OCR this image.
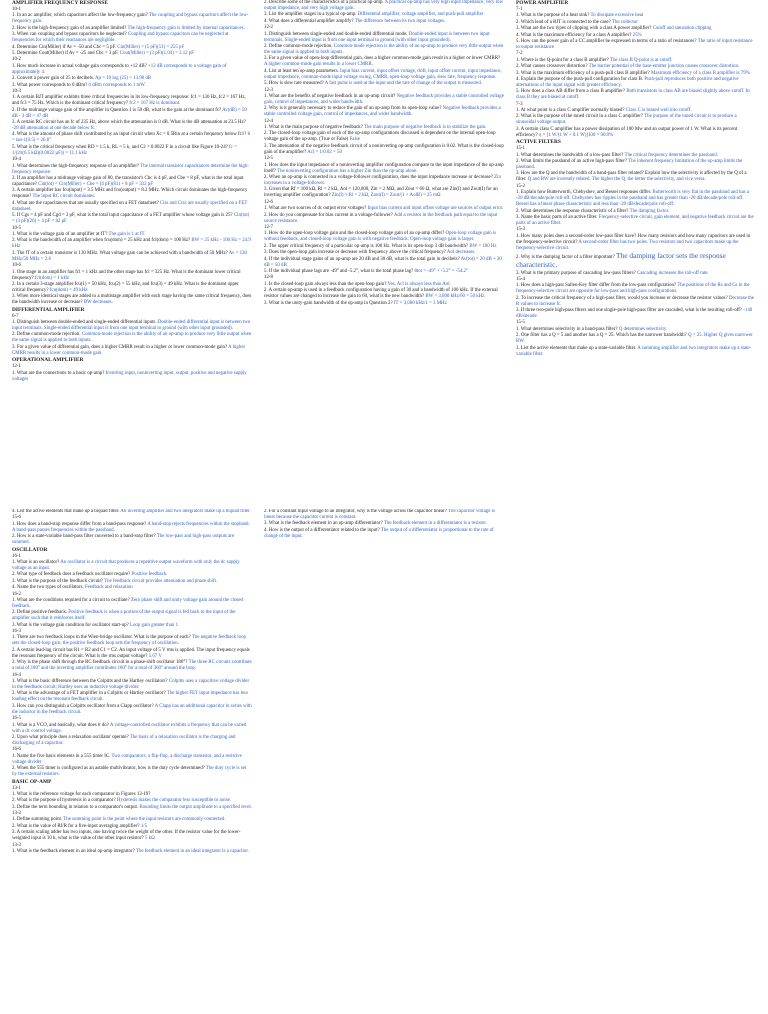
AMPLIFIER FREQUENCY RESPONSE

10-1

1. In an ac amplifier, which capacitors affect the low-frequency gain? The coupling and bypass capacitors affect the low-frequency gain.

2. How is the high-frequency gain of an amplifier limited? The high-frequency gain is limited by internal capacitances.

3. When can coupling and bypass capacitors be neglected? Coupling and bypass capacitors can be neglected at frequencies for which their reactances are negligible.

4. Determine Cin(Miller) if Av = -50 and Cbc = 5 pF. Cin(Miller) = (5 pF)(51) = 255 pF

5. Determine Cout(Miller) if Av = -25 and Cbc = 3 pF. Cout(Miller) = (3 pF)(1.04) = 3.12 pF

10-2

1. How much increase in actual voltage gain corresponds to +12 dB? +12 dB corresponds to a voltage gain of approximately 4.

2. Convert a power gain of 25 to decibels. Ap = 10 log (25) = 13.98 dB

3. What power corresponds to 0 dBm? 0 dBm corresponds to 1 mW.

10-3

1. A certain BJT amplifier exhibits three critical frequencies in its low-frequency response: fc1 = 130 Hz, fc2 = 167 Hz, and fc3 = 75 Hz. Which is the dominant critical frequency? fc2 = 167 Hz is dominant.

2. If the midrange voltage gain of the amplifier in Question 1 is 50 dB, what is the gain at the dominant fc? Av(dB) = 50 dB - 3 dB = 47 dB

3. A certain RC circuit has an fc of 235 Hz, above which the attenuation is 0 dB. What is the dB attenuation at 23.5 Hz? -20 dB attenuation at one decade below fc.

4. What is the amount of phase shift contributed by an input circuit when Xc = 0.5Rin at a certain frequency below fc1? θ = tan-1(0.5) = 26.6°

5. What is the critical frequency when RD = 1.5 k, RL = 5 k, and C2 = 0.0022 F in a circuit like Figure 10-24? fc = 1/(2π(6.5 kΩ)(0.0022 µF)) = 11.1 kHz

10-4

1. What determines the high-frequency response of an amplifier? The internal transistor capacitances determine the high-frequency response.

2. If an amplifier has a midrange voltage gain of 80, the transistor's Cbc is 4 pF, and Cbe = 8 pF, what is the total input capacitance? Cin(tot) = Cin(Miller) + Cbe = (4 pF)(81) + 8 pF = 332 pF

3. A certain amplifier has fcu(input) = 3.5 MHz and fcu(output) = 8.2 MHz. Which circuit dominates the high-frequency response? The input RC circuit dominates.

4. What are the capacitances that are usually specified on a FET datasheet? Ciss and Crss are usually specified on a FET datasheet.

5. If Cgs = 4 pF and Cgd = 3 pF, what is the total input capacitance of a FET amplifier whose voltage gain is 25? Cin(tot) = (3 pF)(26) + 4 pF = 82 pF

10-5

1. What is the voltage gain of an amplifier at fT? The gain is 1 at fT.

2. What is the bandwidth of an amplifier when fcu(dom) = 25 kHz and fcl(dom) = 100 Hz? BW = 25 kHz - 100 Hz = 24.9 kHz

3. The fT of a certain transistor is 130 MHz. What voltage gain can be achieved with a bandwidth of 50 MHz? Av = 130 MHz/50 MHz = 2.6

10-6

1. One stage in an amplifier has fcl = 1 kHz and the other stage has fcl = 325 Hz. What is the dominant lower critical frequency? fcl(dom) = 1 kHz

2. In a certain 3-stage amplifier fcu(1) = 50 kHz, fcu(2) = 55 kHz, and fcu(3) = 49 kHz. What is the dominant upper critical frequency? fcu(dom) = 49 kHz

3. When more identical stages are added to a multistage amplifier with each stage having the same critical frequency, does the bandwidth increase or decrease? BW decreases.

DIFFERENTIAL AMPLIFIER

6-7

1. Distinguish between double-ended and single-ended differential inputs. Double-ended differential input is between two input terminals. Single-ended differential input is from one input terminal to ground (with other input grounded).

2. Define common-mode rejection. Common-mode rejection is the ability of an op-amp to produce very little output when the same signal is applied to both inputs.

3. For a given value of differential gain, does a higher CMRR result in a higher or lower common-mode gain? A higher CMRR results in a lower common-mode gain.

OPERATIONAL AMPLIFIER

12-1

1. What are the connections to a basic op-amp? Inverting input, noninverting input, output, positive and negative supply voltages

2. Describe some of the characteristics of a practical op-amp. A practical op-amp has very high input impedance, very low output impedance, and very high voltage gain.

3. List the amplifier stages in a typical op-amp. Differential amplifier, voltage amplifier, and push-pull amplifier

4. What does a differential amplifier amplify? The difference between its two input voltages.

12-2

1. Distinguish between single-ended and double-ended differential mode. Double-ended input is between two input terminals. Single-ended input is from one input terminal to ground (with other input grounded).

2. Define common-mode rejection. Common-mode rejection is the ability of an op-amp to produce very little output when the same signal is applied to both inputs.

3. For a given value of open-loop differential gain, does a higher common-mode gain result in a higher or lower CMRR? A higher common-mode gain results in a lower CMRR.

4. List at least ten op-amp parameters. Input bias current, input offset voltage, drift, input offset current, input impedance, output impedance, common-mode input voltage swing, CMRR, open-loop voltage gain, slew rate, frequency response.

5. How is slew rate measured? A fast pulse is used at the input and the rate of change of the output is measured.

12-3

1. What are the benefits of negative feedback in an op-amp circuit? Negative feedback provides a stable controlled voltage gain, control of impedances, and wider bandwidth.

2. Why is it generally necessary to reduce the gain of an op-amp from its open-loop value? Negative feedback provides a stable controlled voltage gain, control of impedances, and wider bandwidth.

12-4

1. What is the main purpose of negative feedback? The main purpose of negative feedback is to stabilize the gain.

2. The closed-loop voltage gain of each of the op-amp configurations discussed is dependent on the internal open-loop voltage gain of the op-amp. (True or False) False

3. The attenuation of the negative feedback circuit of a noninverting op-amp configuration is 0.02. What is the closed-loop gain of the amplifier? Acl = 1/0.02 = 50

12-5

1. How does the input impedance of a noninverting amplifier configuration compare to the input impedance of the op-amp itself? The noninverting configuration has a higher Zin than the op-amp alone.

2. When an op-amp is connected in a voltage-follower configuration, does the input impedance increase or decrease? Zin increases in a voltage-follower.

3. Given that Rf = 100 kΩ, Ri = 2 kΩ, Aol = 120,000, Zin = 2 MΩ, and Zout = 60 Ω, what are Zin(I) and Zout(I) for an inverting amplifier configuration? Zin(I) ≈ Ri = 2 kΩ, Zout(I) = Zout/(1 + AolB) = 25 mΩ

12-6

1. What are two sources of dc output error voltages? Input bias current and input offset voltage are sources of output error.

2. How do you compensate for bias current in a voltage-follower? Add a resistor in the feedback path equal to the input source resistance.

12-7

1. How do the open-loop voltage gain and the closed-loop voltage gain of an op-amp differ? Open-loop voltage gain is without feedback, and closed-loop voltage gain is with negative feedback. Open-loop voltage gain is larger.

2. The upper critical frequency of a particular op-amp is 100 Hz. What is its open-loop 3 dB bandwidth? BW = 100 Hz

3. Does the open-loop gain increase or decrease with frequency above the critical frequency? Aol decreases.

4. If the individual stage gains of an op-amp are 20 dB and 30 dB, what is the total gain in decibels? Av(tot) = 20 dB + 30 dB = 50 dB

5. If the individual phase lags are -49° and -5.2°, what is the total phase lag? θtot = -49° + -5.2° = -54.2°

12-8

1. Is the closed-loop gain always less than the open-loop gain? Yes, Acl is always less than Aol.

2. A certain op-amp is used in a feedback configuration having a gain of 30 and a bandwidth of 100 kHz. If the external resistor values are changed to increase the gain to 60, what is the new bandwidth? BW = 3,000 kHz/60 = 50 kHz

3. What is the unity-gain bandwidth of the op-amp in Question 2? fT = 3,000 kHz/1 = 3 MHz

POWER AMPLIFIER

7-1

1. What is the purpose of a heat sink? To dissipate excessive heat

2. Which lead of a BJT is connected to the case? The collector

3. What are the two types of clipping with a class A power amplifier? Cutoff and saturation clipping

4. What is the maximum efficiency for a class A amplifier? 25%

5. How can the power gain of a CC amplifier be expressed in terms of a ratio of resistances? The ratio of input resistance to output resistance

7-2

1. Where is the Q-point for a class B amplifier? The class B Q-point is at cutoff.

2. What causes crossover distortion? The barrier potential of the base-emitter junction causes crossover distortion.

3. What is the maximum efficiency of a push-pull class B amplifier? Maximum efficiency of a class B amplifier is 79%.

4. Explain the purpose of the push-pull configuration for class B. Push-pull reproduces both positive and negative alternations of the input signal with greater efficiency.

5. How does a class AB differ from a class B amplifier? Both transistors in class AB are biased slightly above cutoff. In class B they are biased at cutoff.

7-3

1. At what point is a class C amplifier normally biased? Class C is biased well into cutoff.

2. What is the purpose of the tuned circuit in a class C amplifier? The purpose of the tuned circuit is to produce a sinusoidal voltage output.

3. A certain class C amplifier has a power dissipation of 100 Mw and an output power of 1 W. What is its percent efficiency? η = [1 W/(1 W + 0.1 W)]100 = 90.9%

ACTIVE FILTERS

15-1

1. What determines the bandwidth of a low-pass filter? The critical frequency determines the passband.

2. What limits the passband of an active high-pass filter? The inherent frequency limitation of the op-amp limits the passband.

3. How are the Q and the bandwidth of a band-pass filter related? Explain how the selectivity is affected by the Q of a filter. Q and BW are inversely related. The higher the Q, the better the selectivity, and vice versa.

15-2

1. Explain how Butterworth, Chebyshev, and Bessel responses differ. Butterworth is very flat in the passband and has a -20 dB/decade/pole roll-off. Chebyshev has ripples in the passband and has greater than -20 dB/decade/pole roll-off. Bessel has a linear phase characteristic and less than -20 dB/decade/pole roll-off.

2. What determines the response characteristic of a filter? The damping factor.

3. Name the basic parts of an active filter. Frequency-selective circuit, gain element, and negative feedback circuit are the parts of an active filter.

15-3

1. How many poles does a second-order low-pass filter have? How many resistors and how many capacitors are used in the frequency-selective circuit? A second-order filter has two poles. Two resistors and two capacitors make up the frequency-selective circuit.

2. Why is the damping factor of a filter important? The damping factor sets the response characteristic.

3. What is the primary purpose of cascading low-pass filters? Cascading increases the roll-off rate.

15-4

1. How does a high-pass Sallen-Key filter differ from the low-pass configuration? The positions of the Rs and Cs in the frequency-selective circuit are opposite for low-pass and high-pass configurations.

2. To increase the critical frequency of a high-pass filter, would you increase or decrease the resistor values? Decrease the R values to increase fc.

3. If three two-pole high-pass filters and one single-pole high-pass filter are cascaded, what is the resulting roll-off? -140 dB/decade

15-5

1. What determines selectivity in a band-pass filter? Q determines selectivity.

2. One filter has a Q = 5 and another has a Q = 25. Which has the narrower bandwidth? Q = 25. Higher Q gives narrower BW.

3. List the active elements that make up a state-variable filter. A summing amplifier and two integrators make up a state-variable filter.

4. List the active elements that make up a biquad filter. An inverting amplifier and two integrators make up a biquad filter.

15-6

1. How does a band-stop response differ from a band-pass response? A band-stop rejects frequencies within the stopband. A band-pass passes frequencies within the passband.

2. How is a state-variable band-pass filter converted to a band-stop filter? The low-pass and high-pass outputs are summed.

OSCILLATOR

16-1

1. What is an oscillator? An oscillator is a circuit that produces a repetitive output waveform with only the dc supply voltage as an input.

2. What type of feedback does a feedback oscillator require? Positive feedback.

3. What is the purpose of the feedback circuit? The feedback circuit provides attenuation and phase shift.

4. Name the two types of oscillators. Feedback and relaxation

16-2

1. What are the conditions required for a circuit to oscillate? Zero phase shift and unity voltage gain around the closed feedback.

2. Define positive feedback. Positive feedback is when a portion of the output signal is fed back to the input of the amplifier such that it reinforces itself.

3. What is the voltage gain condition for oscillator start-up? Loop gain greater than 1

16-3

1. There are two feedback loops in the Wien-bridge oscillator. What is the purpose of each? The negative feedback loop sets the closed-loop gain; the positive feedback loop sets the frequency of oscillation.

2. A certain lead-lag circuit has R1 = R2 and C1 = C2. An input voltage of 5 V rms is applied. The input frequency equals the resonant frequency of the circuit. What is the rms output voltage? 1.67 V

3. Why is the phase shift through the RC feedback circuit in a phase-shift oscillator 180°? The three RC circuits contribute a total of 180° and the inverting amplifier contributes 180° for a total of 360° around the loop.

16-4

1. What is the basic difference between the Colpitts and the Hartley oscillators? Colpitts uses a capacitive voltage divider in the feedback circuit; Hartley uses an inductive voltage divider.

2. What is the advantage of a FET amplifier in a Colpitts or Hartley oscillator? The higher FET input impedance has less loading effect on the resonant feedback circuit.

3. How can you distinguish a Colpitts oscillator from a Clapp oscillator? A Clapp has an additional capacitor in series with the inductor in the feedback circuit.

16-5

1. What is a VCO, and basically, what does it do? A voltage-controlled oscillator exhibits a frequency that can be varied with a dc control voltage.

2. Upon what principle does a relaxation oscillator operate? The basis of a relaxation oscillator is the charging and discharging of a capacitor.

16-6

1. Name the five basic elements in a 555 timer IC. Two comparators, a flip-flop, a discharge transistor, and a resistive voltage divider

2. When the 555 timer is configured as an astable multivibrator, how is the duty cycle determined? The duty cycle is set by the external resistors.

BASIC OP-AMP

13-1

1. What is the reference voltage for each comparator in Figures 13-19?

2. What is the purpose of hysteresis in a comparator? Hysteresis makes the comparator less susceptible to noise.

3. Define the term bounding in relation to a comparator's output. Bounding limits the output amplitude to a specified level.

13-2

1. Define summing point. The summing point is the point where the input resistors are commonly connected.

2. What is the value of Rf/R for a five-input averaging amplifier? 1/5

3. A certain scaling adder has two inputs, one having twice the weight of the other. If the resistor value for the lower-weighted input is 10 k, what is the value of the other input resistor? 5 kΩ

13-3

1. What is the feedback element in an ideal op-amp integrator? The feedback element in an ideal integrator is a capacitor.

2. For a constant input voltage to an integrator, why is the voltage across the capacitor linear? The capacitor voltage is linear because the capacitor current is constant.

3. What is the feedback element in an op-amp differentiator? The feedback element in a differentiator is a resistor.

4. How is the output of a differentiator related to the input? The output of a differentiator is proportional to the rate of change of the input.
